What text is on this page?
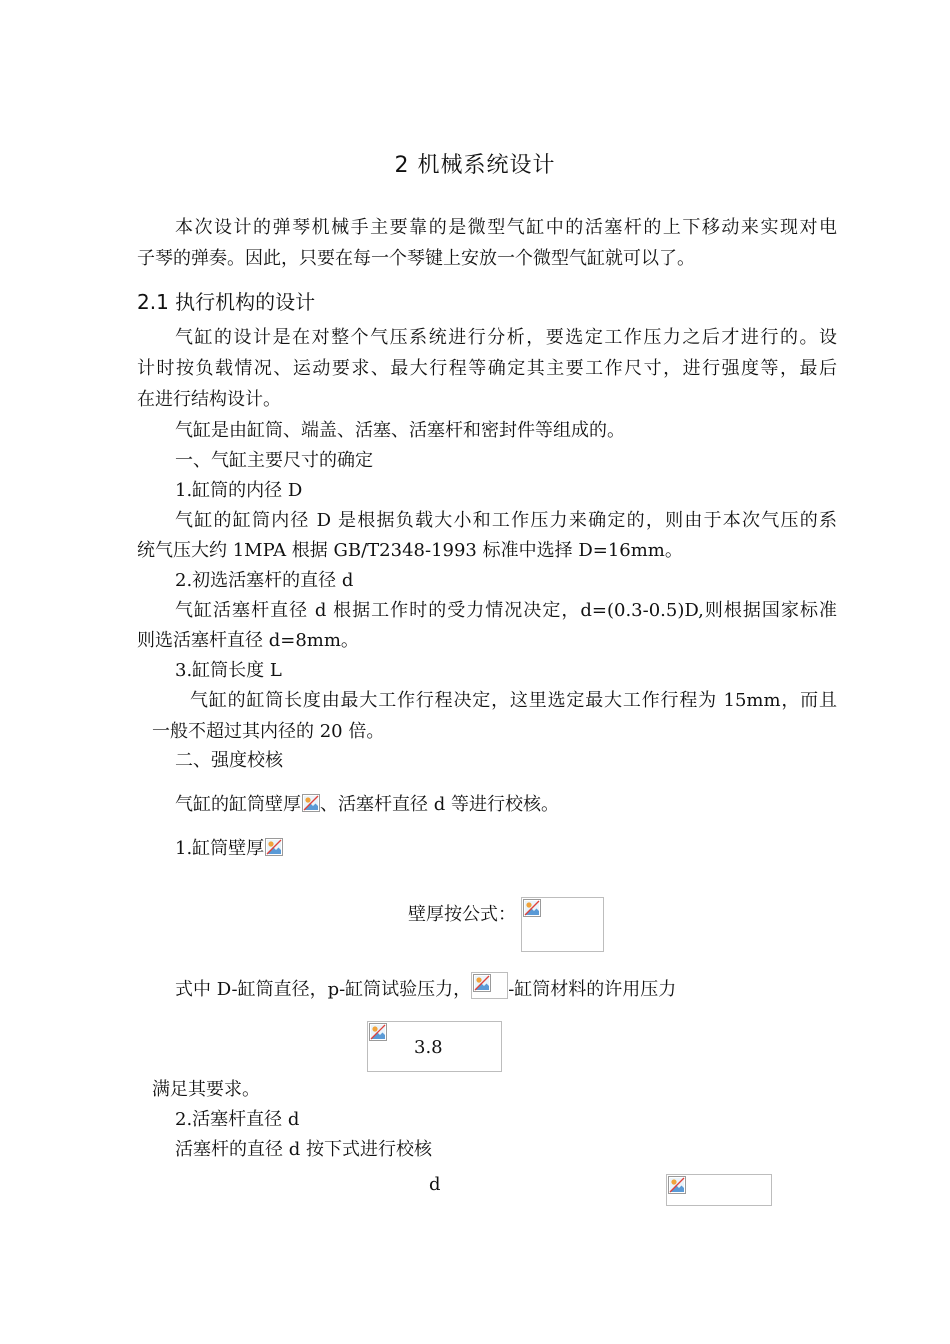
2 机械系统设计
本次设计的弹琴机械手主要靠的是微型气缸中的活塞杆的上下移动来实现对电
子琴的弹奏。因此，只要在每一个琴键上安放一个微型气缸就可以了。
2.1 执行机构的设计
气缸的设计是在对整个气压系统进行分析，要选定工作压力之后才进行的。设
计时按负载情况、运动要求、最大行程等确定其主要工作尺寸，进行强度等，最后
在进行结构设计。
气缸是由缸筒、端盖、活塞、活塞杆和密封件等组成的。
一、气缸主要尺寸的确定
1.缸筒的内径 D
气缸的缸筒内径 D 是根据负载大小和工作压力来确定的，则由于本次气压的系
统气压大约 1MPA 根据 GB/T2348-1993 标准中选择 D=16mm。
2.初选活塞杆的直径 d
气缸活塞杆直径 d 根据工作时的受力情况决定，d=(0.3-0.5)D,则根据国家标准
则选活塞杆直径 d=8mm。
3.缸筒长度 L
气缸的缸筒长度由最大工作行程决定，这里选定最大工作行程为 15mm，而且
一般不超过其内径的 20 倍。
二、强度校核
气缸的缸筒壁厚 、活塞杆直径 d 等进行校核。
1.缸筒壁厚
壁厚按公式：

式中 D-缸筒直径，p-缸筒试验压力， -缸筒材料的许用压力

3.8
满足其要求。
2.活塞杆直径 d
活塞杆的直径 d 按下式进行校核
d
